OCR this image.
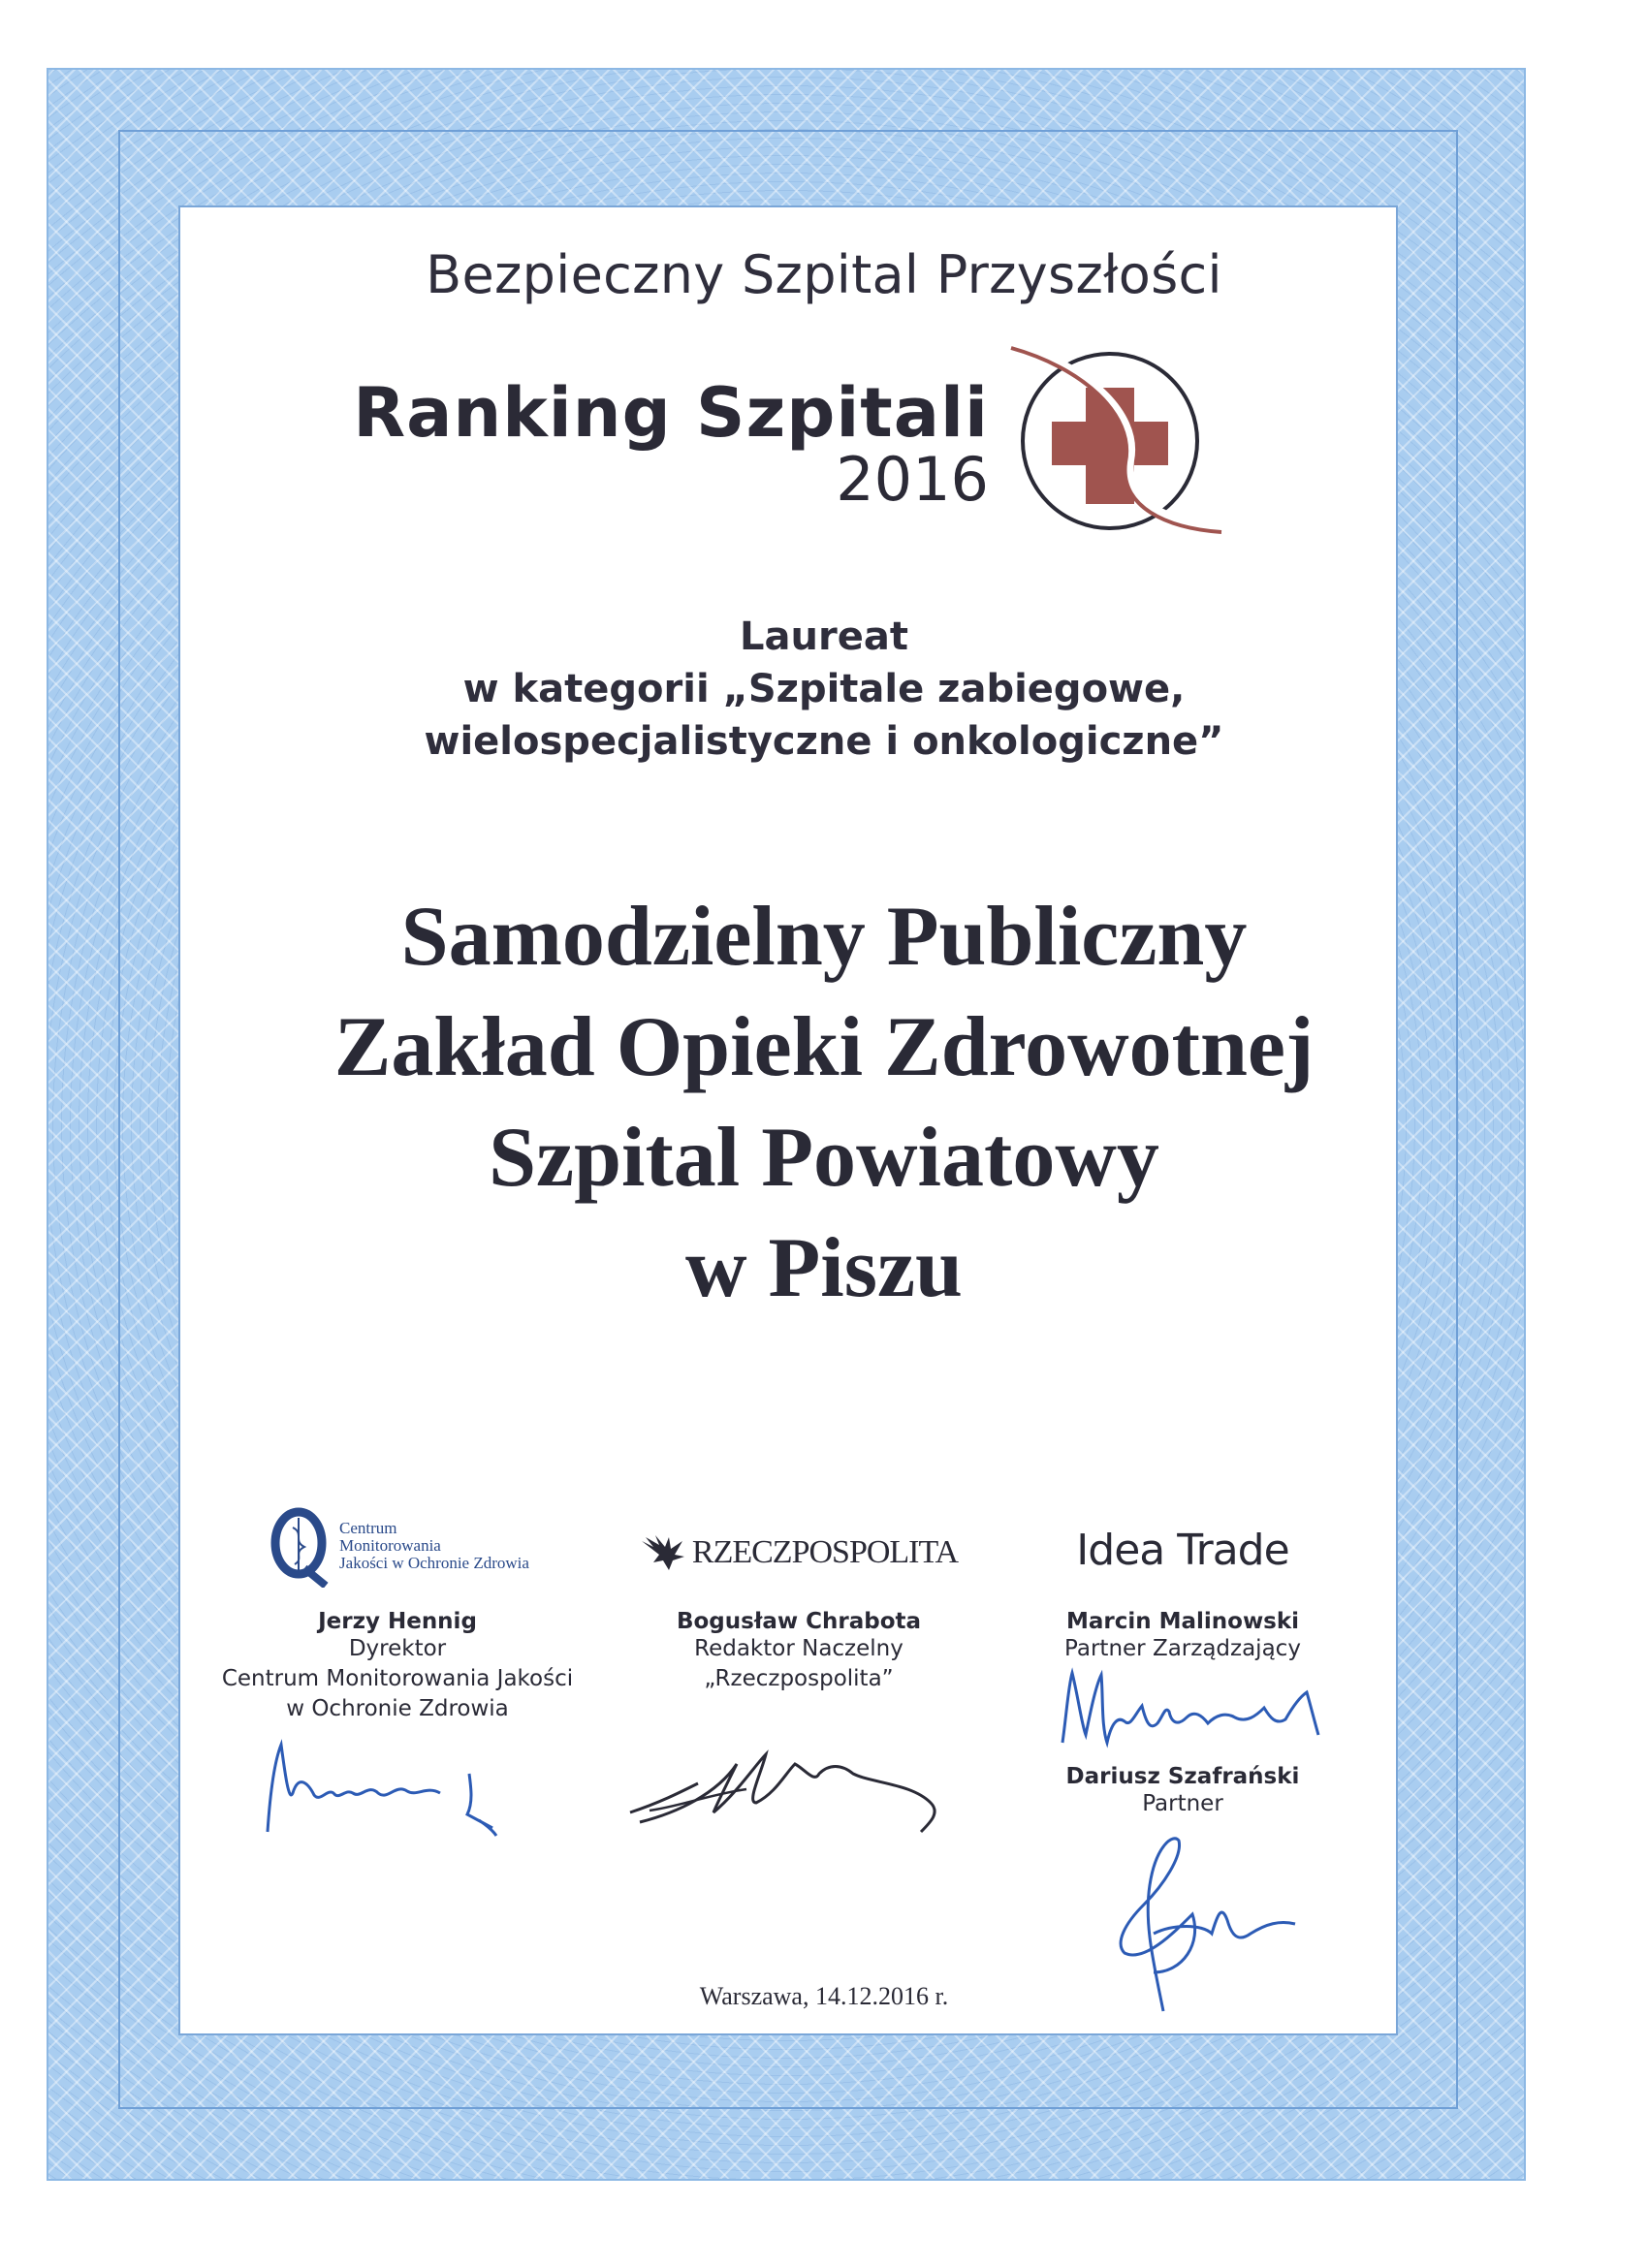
Bezpieczny Szpital Przyszłości
Ranking Szpitali
2016
Laureat
w kategorii „Szpitale zabiegowe,
wielospecjalistyczne i onkologiczne”
Samodzielny Publiczny
Zakład Opieki Zdrowotnej
Szpital Powiatowy
w Piszu
Centrum
Monitorowania
Jakości w Ochronie Zdrowia
Jerzy Hennig
Dyrektor
Centrum Monitorowania Jakości
w Ochronie Zdrowia
RZECZPOSPOLITA
Bogusław Chrabota
Redaktor Naczelny
„Rzeczpospolita”
Idea Trade
Marcin Malinowski
Partner Zarządzający
Dariusz Szafrański
Partner
Warszawa, 14.12.2016 r.
